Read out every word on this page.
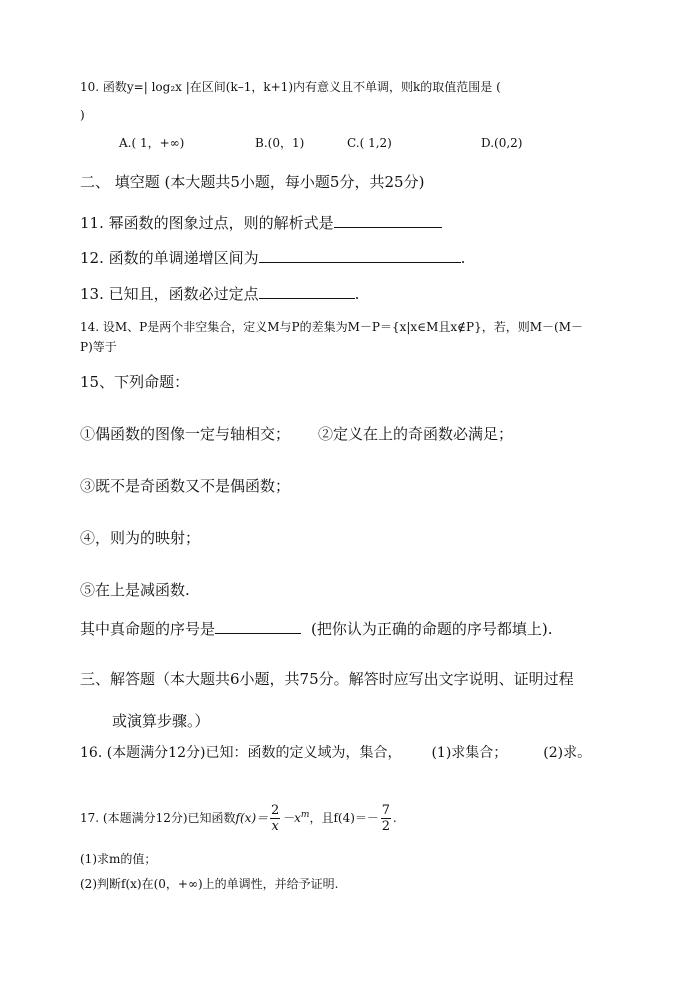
10. 函数y=| log₂x |在区间(k–1，k+1)内有意义且不单调，则k的取值范围是 (
)
A.( 1，+∞)	B.(0，1)	C.( 1,2)	D.(0,2)
二、 填空题 (本大题共5小题，每小题5分，共25分)
11. 幂函数的图象过点，则的解析式是
12. 函数的单调递增区间为	.
13. 已知且，函数必过定点	.
14. 设M、P是两个非空集合，定义M与P的差集为M－P＝{x|x∈M且x∉P}，若，则M－(M－
P)等于
15、下列命题：
①偶函数的图像一定与轴相交； ②定义在上的奇函数必满足；
③既不是奇函数又不是偶函数；
④，则为的映射；
⑤在上是减函数.
其中真命题的序号是	(把你认为正确的命题的序号都填上).
三、解答题（本大题共6小题，共75分。解答时应写出文字说明、证明过程
或演算步骤。）
16. (本题满分12分)已知：函数的定义域为，集合， (1)求集合；	(2)求。
17. (本题满分12分)已知函数$f(x)= \frac{2}{x} -x^m$，且$f(4)=- \frac{7}{2}$ .
(1)求m的值；
(2)判断f(x)在(0，+∞)上的单调性，并给予证明.
